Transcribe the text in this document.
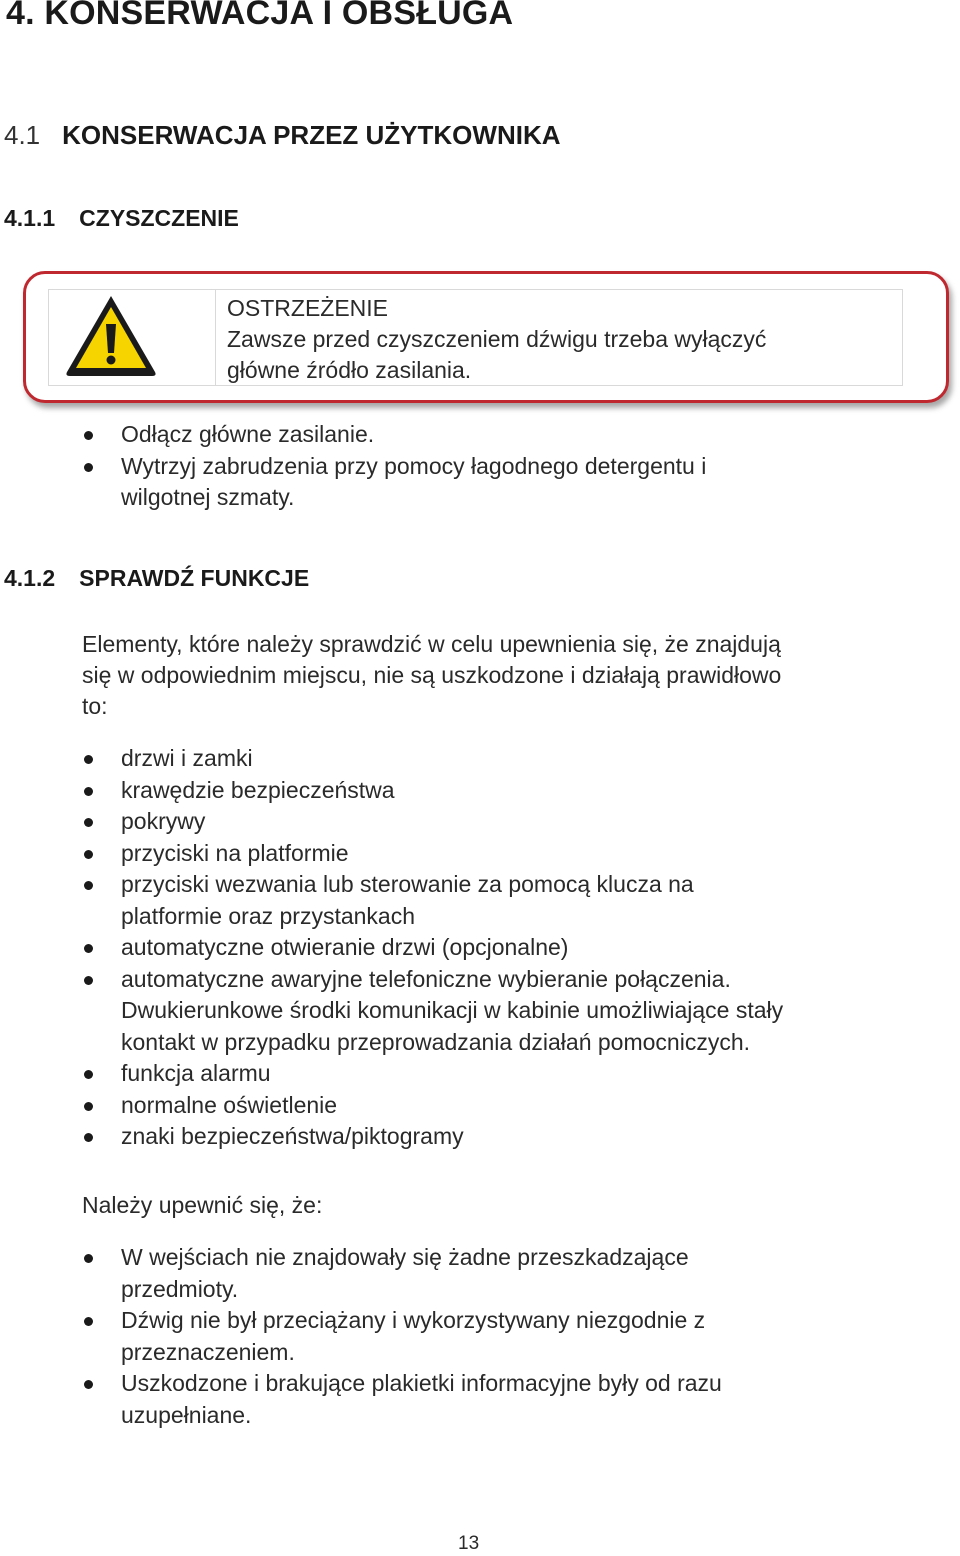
4. KONSERWACJA I OBSŁUGA
4.1 KONSERWACJA PRZEZ UŻYTKOWNIKA
4.1.1 CZYSZCZENIE
OSTRZEŻENIE
Zawsze przed czyszczeniem dźwigu trzeba wyłączyć
główne źródło zasilania.
Odłącz główne zasilanie.
Wytrzyj zabrudzenia przy pomocy łagodnego detergentu i
wilgotnej szmaty.
4.1.2 SPRAWDŹ FUNKCJE
Elementy, które należy sprawdzić w celu upewnienia się, że znajdują
się w odpowiednim miejscu, nie są uszkodzone i działają prawidłowo
to:
drzwi i zamki
krawędzie bezpieczeństwa
pokrywy
przyciski na platformie
przyciski wezwania lub sterowanie za pomocą klucza na
platformie oraz przystankach
automatyczne otwieranie drzwi (opcjonalne)
automatyczne awaryjne telefoniczne wybieranie połączenia.
Dwukierunkowe środki komunikacji w kabinie umożliwiające stały
kontakt w przypadku przeprowadzania działań pomocniczych.
funkcja alarmu
normalne oświetlenie
znaki bezpieczeństwa/piktogramy
Należy upewnić się, że:
W wejściach nie znajdowały się żadne przeszkadzające
przedmioty.
Dźwig nie był przeciążany i wykorzystywany niezgodnie z
przeznaczeniem.
Uszkodzone i brakujące plakietki informacyjne były od razu
uzupełniane.
13
